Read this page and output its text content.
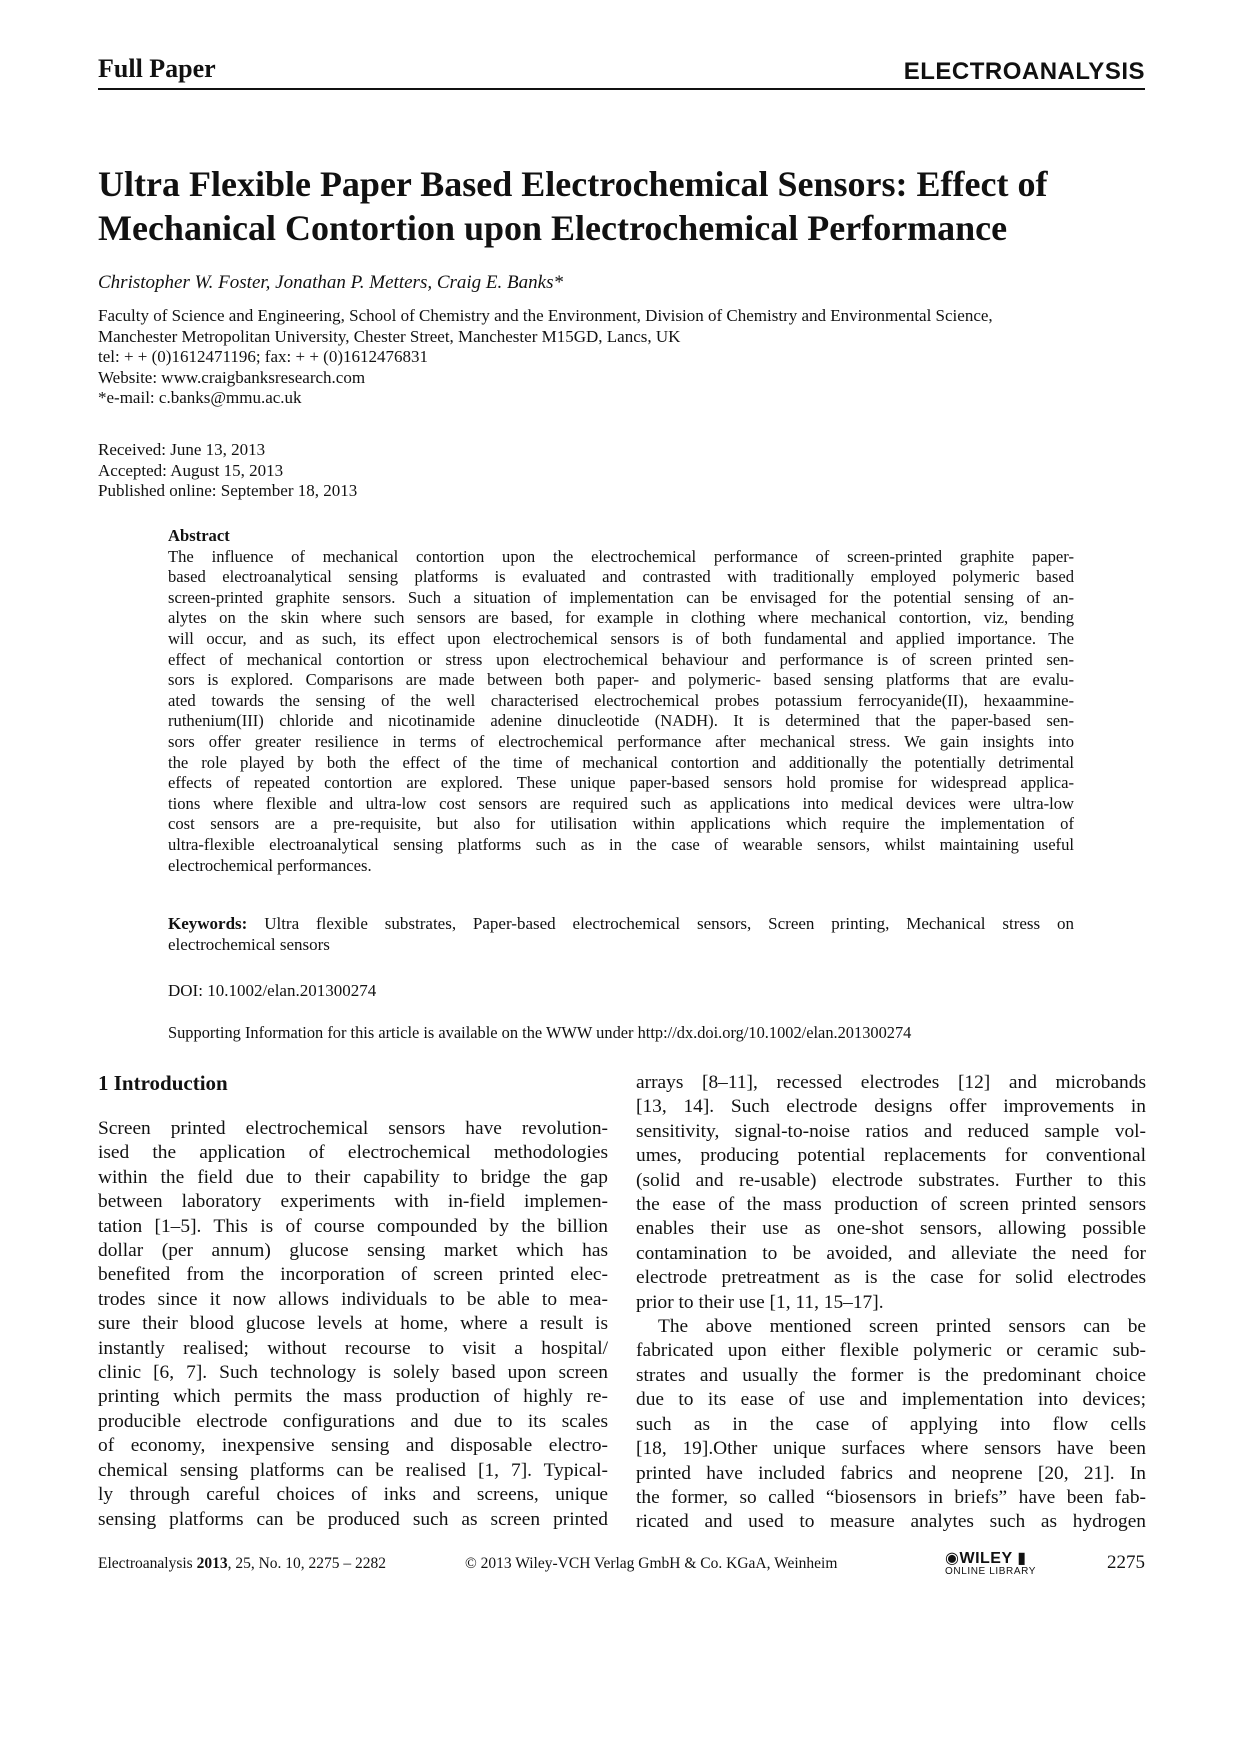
Full Paper	ELECTROANALYSIS
Ultra Flexible Paper Based Electrochemical Sensors: Effect of
Mechanical Contortion upon Electrochemical Performance
Christopher W. Foster, Jonathan P. Metters, Craig E. Banks*
Faculty of Science and Engineering, School of Chemistry and the Environment, Division of Chemistry and Environmental Science,
Manchester Metropolitan University, Chester Street, Manchester M15GD, Lancs, UK
tel: + + (0)1612471196; fax: + + (0)1612476831
Website: www.craigbanksresearch.com
*e-mail: c.banks@mmu.ac.uk
Received: June 13, 2013
Accepted: August 15, 2013
Published online: September 18, 2013
Abstract
The influence of mechanical contortion upon the electrochemical performance of screen-printed graphite paper-
based electroanalytical sensing platforms is evaluated and contrasted with traditionally employed polymeric based
screen-printed graphite sensors. Such a situation of implementation can be envisaged for the potential sensing of an-
alytes on the skin where such sensors are based, for example in clothing where mechanical contortion, viz, bending
will occur, and as such, its effect upon electrochemical sensors is of both fundamental and applied importance. The
effect of mechanical contortion or stress upon electrochemical behaviour and performance is of screen printed sen-
sors is explored. Comparisons are made between both paper- and polymeric- based sensing platforms that are evalu-
ated towards the sensing of the well characterised electrochemical probes potassium ferrocyanide(II), hexaammine-
ruthenium(III) chloride and nicotinamide adenine dinucleotide (NADH). It is determined that the paper-based sen-
sors offer greater resilience in terms of electrochemical performance after mechanical stress. We gain insights into
the role played by both the effect of the time of mechanical contortion and additionally the potentially detrimental
effects of repeated contortion are explored. These unique paper-based sensors hold promise for widespread applica-
tions where flexible and ultra-low cost sensors are required such as applications into medical devices were ultra-low
cost sensors are a pre-requisite, but also for utilisation within applications which require the implementation of
ultra-flexible electroanalytical sensing platforms such as in the case of wearable sensors, whilst maintaining useful
electrochemical performances.
Keywords: Ultra flexible substrates, Paper-based electrochemical sensors, Screen printing, Mechanical stress on
electrochemical sensors
DOI: 10.1002/elan.201300274
Supporting Information for this article is available on the WWW under http://dx.doi.org/10.1002/elan.201300274
1 Introduction
Screen printed electrochemical sensors have revolution-
ised the application of electrochemical methodologies
within the field due to their capability to bridge the gap
between laboratory experiments with in-field implemen-
tation [1–5]. This is of course compounded by the billion
dollar (per annum) glucose sensing market which has
benefited from the incorporation of screen printed elec-
trodes since it now allows individuals to be able to mea-
sure their blood glucose levels at home, where a result is
instantly realised; without recourse to visit a hospital/
clinic [6, 7]. Such technology is solely based upon screen
printing which permits the mass production of highly re-
producible electrode configurations and due to its scales
of economy, inexpensive sensing and disposable electro-
chemical sensing platforms can be realised [1, 7]. Typical-
ly through careful choices of inks and screens, unique
sensing platforms can be produced such as screen printed
arrays [8–11], recessed electrodes [12] and microbands
[13, 14]. Such electrode designs offer improvements in
sensitivity, signal-to-noise ratios and reduced sample vol-
umes, producing potential replacements for conventional
(solid and re-usable) electrode substrates. Further to this
the ease of the mass production of screen printed sensors
enables their use as one-shot sensors, allowing possible
contamination to be avoided, and alleviate the need for
electrode pretreatment as is the case for solid electrodes
prior to their use [1, 11, 15–17].
The above mentioned screen printed sensors can be
fabricated upon either flexible polymeric or ceramic sub-
strates and usually the former is the predominant choice
due to its ease of use and implementation into devices;
such as in the case of applying into flow cells
[18, 19].Other unique surfaces where sensors have been
printed have included fabrics and neoprene [20, 21]. In
the former, so called “biosensors in briefs” have been fab-
ricated and used to measure analytes such as hydrogen
Electroanalysis 2013, 25, No. 10, 2275 – 2282	© 2013 Wiley-VCH Verlag GmbH & Co. KGaA, Weinheim	◉WILEY ▮
ONLINE LIBRARY	2275
